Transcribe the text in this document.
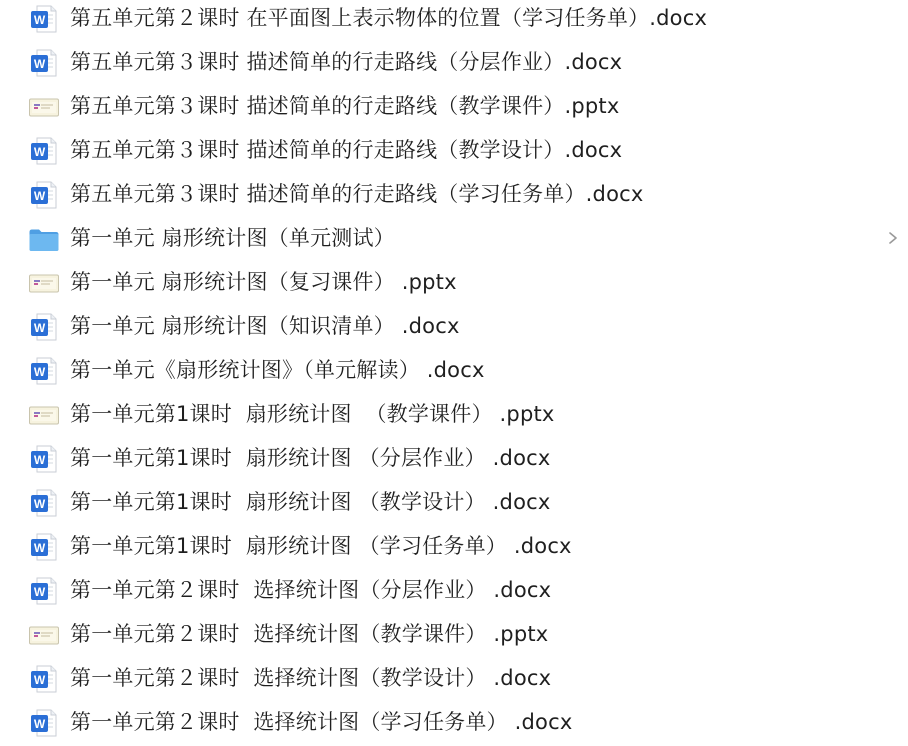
W 第五单元第２课时 在平面图上表示物体的位置（学习任务单）.docx
W 第五单元第３课时 描述简单的行走路线（分层作业）.docx
第五单元第３课时 描述简单的行走路线（教学课件）.pptx
W 第五单元第３课时 描述简单的行走路线（教学设计）.docx
W 第五单元第３课时 描述简单的行走路线（学习任务单）.docx
第一单元 扇形统计图（单元测试）
第一单元 扇形统计图（复习课件） .pptx
W 第一单元 扇形统计图（知识清单） .docx
W 第一单元《扇形统计图》（单元解读） .docx
第一单元第1课时  扇形统计图  （教学课件） .pptx
W 第一单元第1课时  扇形统计图 （分层作业） .docx
W 第一单元第1课时  扇形统计图 （教学设计） .docx
W 第一单元第1课时  扇形统计图 （学习任务单） .docx
W 第一单元第２课时  选择统计图（分层作业） .docx
第一单元第２课时  选择统计图（教学课件） .pptx
W 第一单元第２课时  选择统计图（教学设计） .docx
W 第一单元第２课时  选择统计图（学习任务单） .docx
